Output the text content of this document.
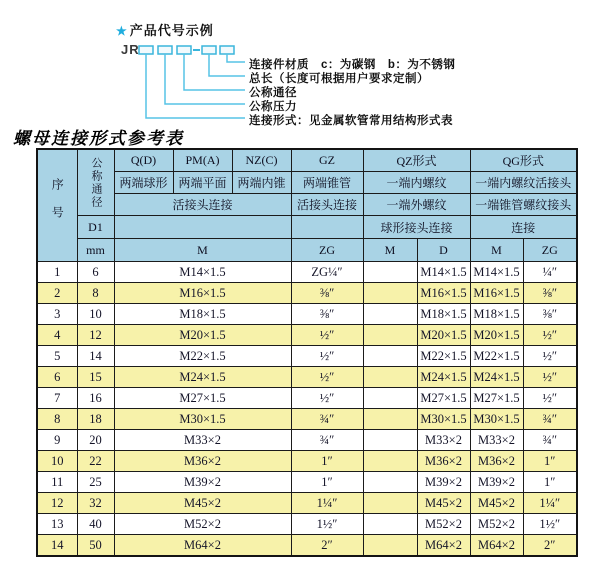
★ 产品代号示例
JR
连接件材质　c：为碳钢　b：为不锈钢
总长（长度可根据用户要求定制）
公称通径
公称压力
连接形式：见金属软管常用结构形式表
螺母连接形式参考表
序号	公称通径	Q(D)	PM(A)	NZ(C)	GZ	QZ形式		QG形式	
		两端球形	两端平面	两端内锥	两端锥管	一端内螺纹		一端内螺纹活接头	
		活接头连接			活接头连接	一端外螺纹		一端锥管螺纹接头	
	D1					球形接头连接		连接	
	mm	M			ZG	M	D	M	ZG
1	6	M14×1.5			ZG¼″		M14×1.5	M14×1.5	¼″
2	8	M16×1.5			⅜″		M16×1.5	M16×1.5	⅜″
3	10	M18×1.5			⅜″		M18×1.5	M18×1.5	⅜″
4	12	M20×1.5			½″		M20×1.5	M20×1.5	½″
5	14	M22×1.5			½″		M22×1.5	M22×1.5	½″
6	15	M24×1.5			½″		M24×1.5	M24×1.5	½″
7	16	M27×1.5			½″		M27×1.5	M27×1.5	½″
8	18	M30×1.5			¾″		M30×1.5	M30×1.5	¾″
9	20	M33×2			¾″		M33×2	M33×2	¾″
10	22	M36×2			1″		M36×2	M36×2	1″
11	25	M39×2			1″		M39×2	M39×2	1″
12	32	M45×2			1¼″		M45×2	M45×2	1¼″
13	40	M52×2			1½″		M52×2	M52×2	1½″
14	50	M64×2			2″		M64×2	M64×2	2″
